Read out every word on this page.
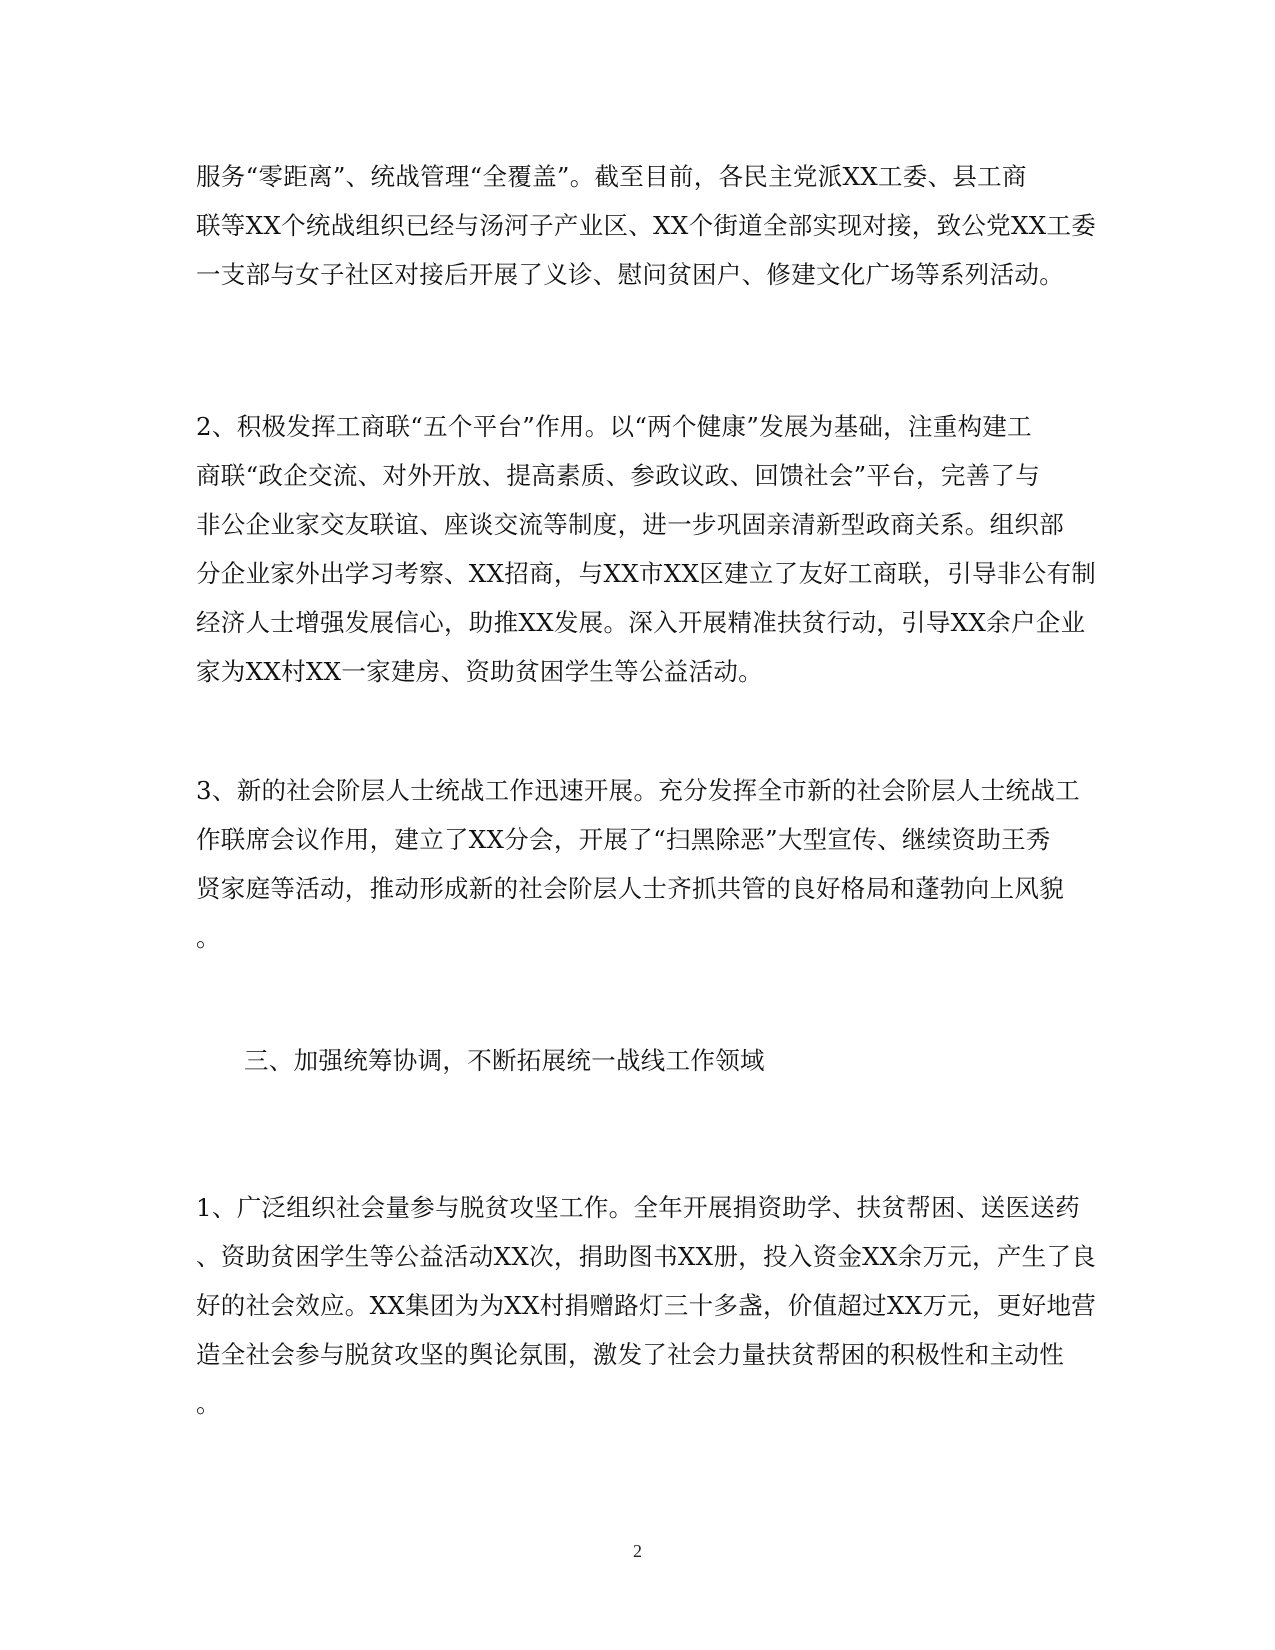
服务“零距离”、统战管理“全覆盖”。截至目前，各民主党派XX工委、县工商
联等XX个统战组织已经与汤河子产业区、XX个街道全部实现对接，致公党XX工委
一支部与女子社区对接后开展了义诊、慰问贫困户、修建文化广场等系列活动。

2、积极发挥工商联“五个平台”作用。以“两个健康”发展为基础，注重构建工
商联“政企交流、对外开放、提高素质、参政议政、回馈社会”平台，完善了与
非公企业家交友联谊、座谈交流等制度，进一步巩固亲清新型政商关系。组织部
分企业家外出学习考察、XX招商，与XX市XX区建立了友好工商联，引导非公有制
经济人士增强发展信心，助推XX发展。深入开展精准扶贫行动，引导XX余户企业
家为XX村XX一家建房、资助贫困学生等公益活动。

3、新的社会阶层人士统战工作迅速开展。充分发挥全市新的社会阶层人士统战工
作联席会议作用，建立了XX分会，开展了“扫黑除恶”大型宣传、继续资助王秀
贤家庭等活动，推动形成新的社会阶层人士齐抓共管的良好格局和蓬勃向上风貌
。

三、加强统筹协调，不断拓展统一战线工作领域

1、广泛组织社会量参与脱贫攻坚工作。全年开展捐资助学、扶贫帮困、送医送药
、资助贫困学生等公益活动XX次，捐助图书XX册，投入资金XX余万元，产生了良
好的社会效应。XX集团为为XX村捐赠路灯三十多盏，价值超过XX万元，更好地营
造全社会参与脱贫攻坚的舆论氛围，激发了社会力量扶贫帮困的积极性和主动性
。

2
